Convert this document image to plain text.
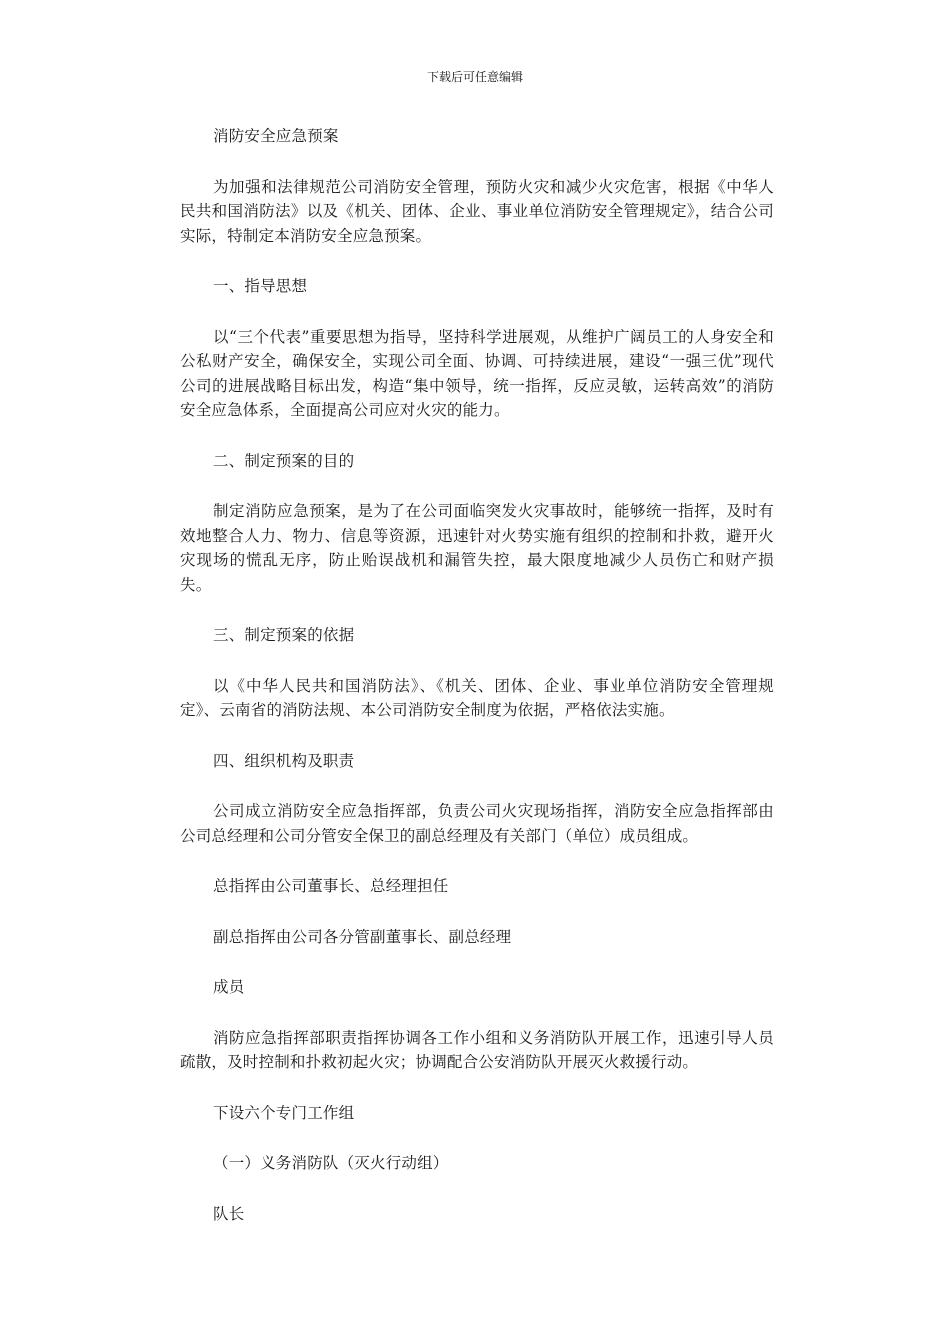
下载后可任意编辑

消防安全应急预案

为加强和法律规范公司消防安全管理，预防火灾和减少火灾危害，根据《中华人民共和国消防法》以及《机关、团体、企业、事业单位消防安全管理规定》，结合公司实际，特制定本消防安全应急预案。

一、指导思想

以“三个代表”重要思想为指导，坚持科学进展观，从维护广阔员工的人身安全和公私财产安全，确保安全，实现公司全面、协调、可持续进展，建设“一强三优”现代公司的进展战略目标出发，构造“集中领导，统一指挥，反应灵敏，运转高效”的消防安全应急体系，全面提高公司应对火灾的能力。

二、制定预案的目的

制定消防应急预案，是为了在公司面临突发火灾事故时，能够统一指挥，及时有效地整合人力、物力、信息等资源，迅速针对火势实施有组织的控制和扑救，避开火灾现场的慌乱无序，防止贻误战机和漏管失控，最大限度地减少人员伤亡和财产损失。

三、制定预案的依据

以《中华人民共和国消防法》、《机关、团体、企业、事业单位消防安全管理规定》、云南省的消防法规、本公司消防安全制度为依据，严格依法实施。

四、组织机构及职责

公司成立消防安全应急指挥部，负责公司火灾现场指挥，消防安全应急指挥部由公司总经理和公司分管安全保卫的副总经理及有关部门（单位）成员组成。

总指挥由公司董事长、总经理担任

副总指挥由公司各分管副董事长、副总经理

成员

消防应急指挥部职责指挥协调各工作小组和义务消防队开展工作，迅速引导人员疏散，及时控制和扑救初起火灾；协调配合公安消防队开展灭火救援行动。

下设六个专门工作组

（一）义务消防队（灭火行动组）

队长
